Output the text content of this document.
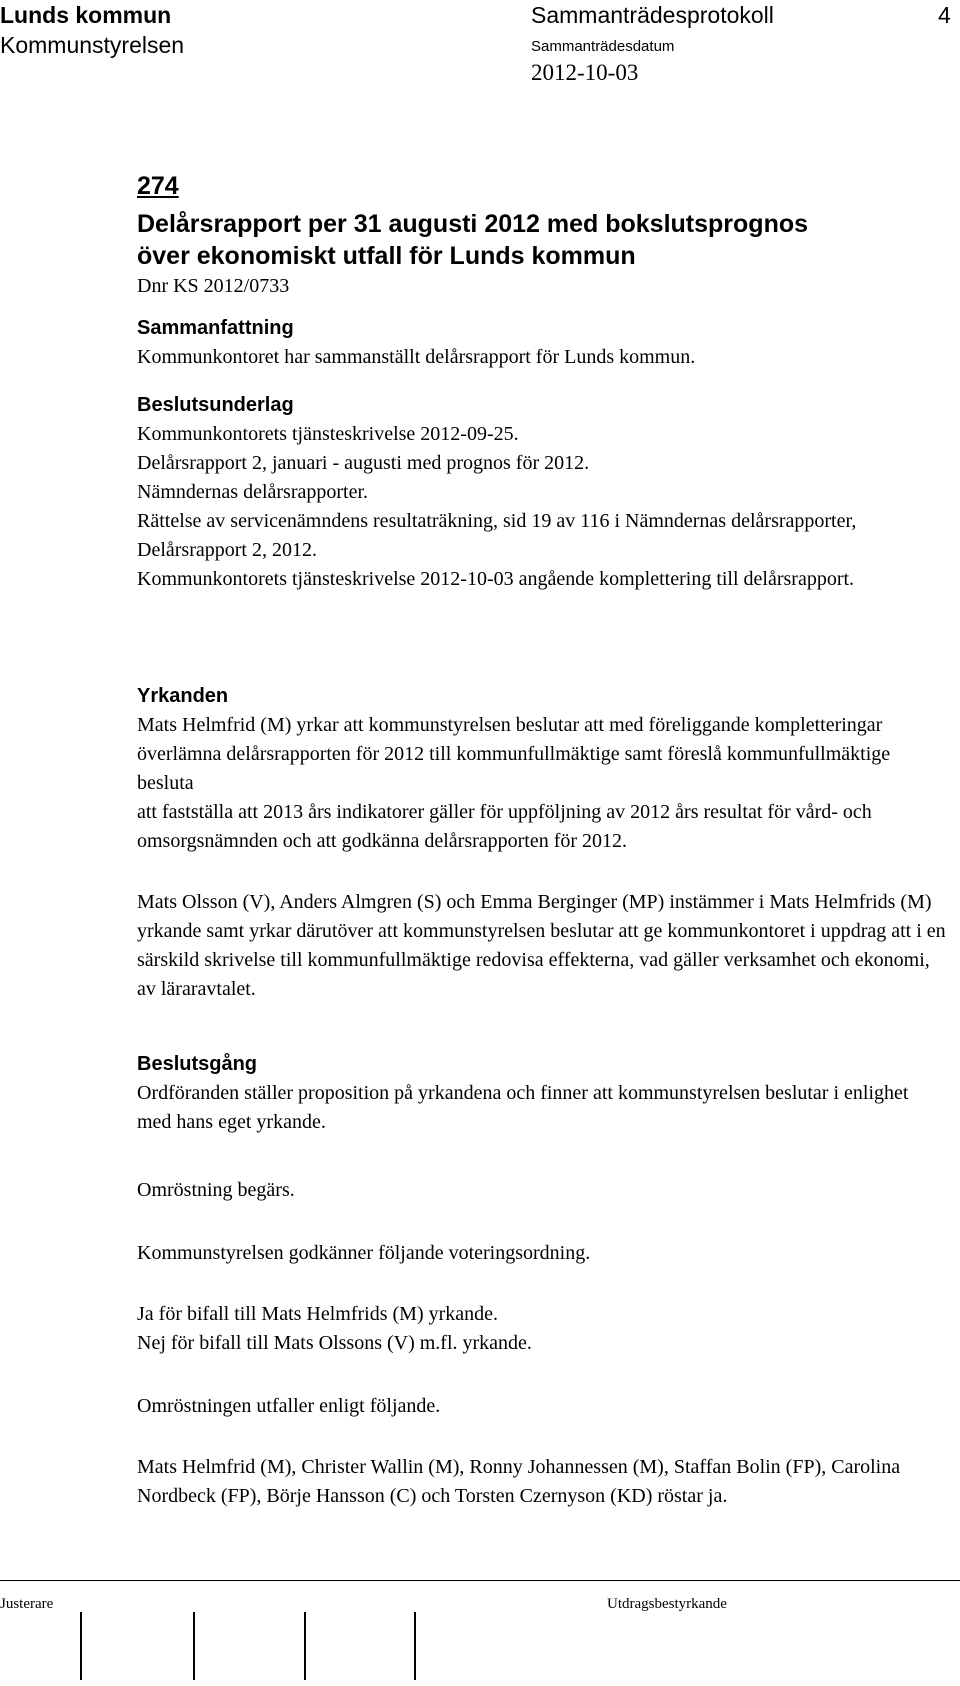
Lunds kommun
Kommunstyrelsen
Sammanträdesprotokoll
Sammanträdesdatum
2012-10-03
4
274
Delårsrapport per 31 augusti 2012 med bokslutsprognos
över ekonomiskt utfall för Lunds kommun
Dnr KS 2012/0733
Sammanfattning

Kommunkontoret har sammanställt delårsrapport för Lunds kommun.

Beslutsunderlag

Kommunkontorets tjänsteskrivelse 2012-09-25.

Delårsrapport 2, januari - augusti med prognos för 2012.

Nämndernas delårsrapporter.

Rättelse av servicenämndens resultaträkning, sid 19 av 116 i Nämndernas delårsrapporter, Delårsrapport 2, 2012.

Kommunkontorets tjänsteskrivelse 2012-10-03 angående komplettering till delårsrapport.

Yrkanden

Mats Helmfrid (M) yrkar att kommunstyrelsen beslutar att med föreliggande kompletteringar överlämna delårsrapporten för 2012 till kommunfullmäktige samt föreslå kommunfullmäktige besluta

att fastställa att 2013 års indikatorer gäller för uppföljning av 2012 års resultat för vård- och omsorgsnämnden och att godkänna delårsrapporten för 2012.

Mats Olsson (V), Anders Almgren (S) och Emma Berginger (MP) instämmer i Mats Helmfrids (M) yrkande samt yrkar därutöver att kommunstyrelsen beslutar att ge kommunkontoret i uppdrag att i en särskild skrivelse till kommunfullmäktige redovisa effekterna, vad gäller verksamhet och ekonomi, av läraravtalet.

Beslutsgång

Ordföranden ställer proposition på yrkandena och finner att kommunstyrelsen beslutar i enlighet med hans eget yrkande.

Omröstning begärs.

Kommunstyrelsen godkänner följande voteringsordning.

Ja för bifall till Mats Helmfrids (M) yrkande.

Nej för bifall till Mats Olssons (V) m.fl. yrkande.

Omröstningen utfaller enligt följande.

Mats Helmfrid (M), Christer Wallin (M), Ronny Johannessen (M), Staffan Bolin (FP), Carolina Nordbeck (FP), Börje Hansson (C) och Torsten Czernyson (KD) röstar ja.

Justerare	Utdragsbestyrkande
